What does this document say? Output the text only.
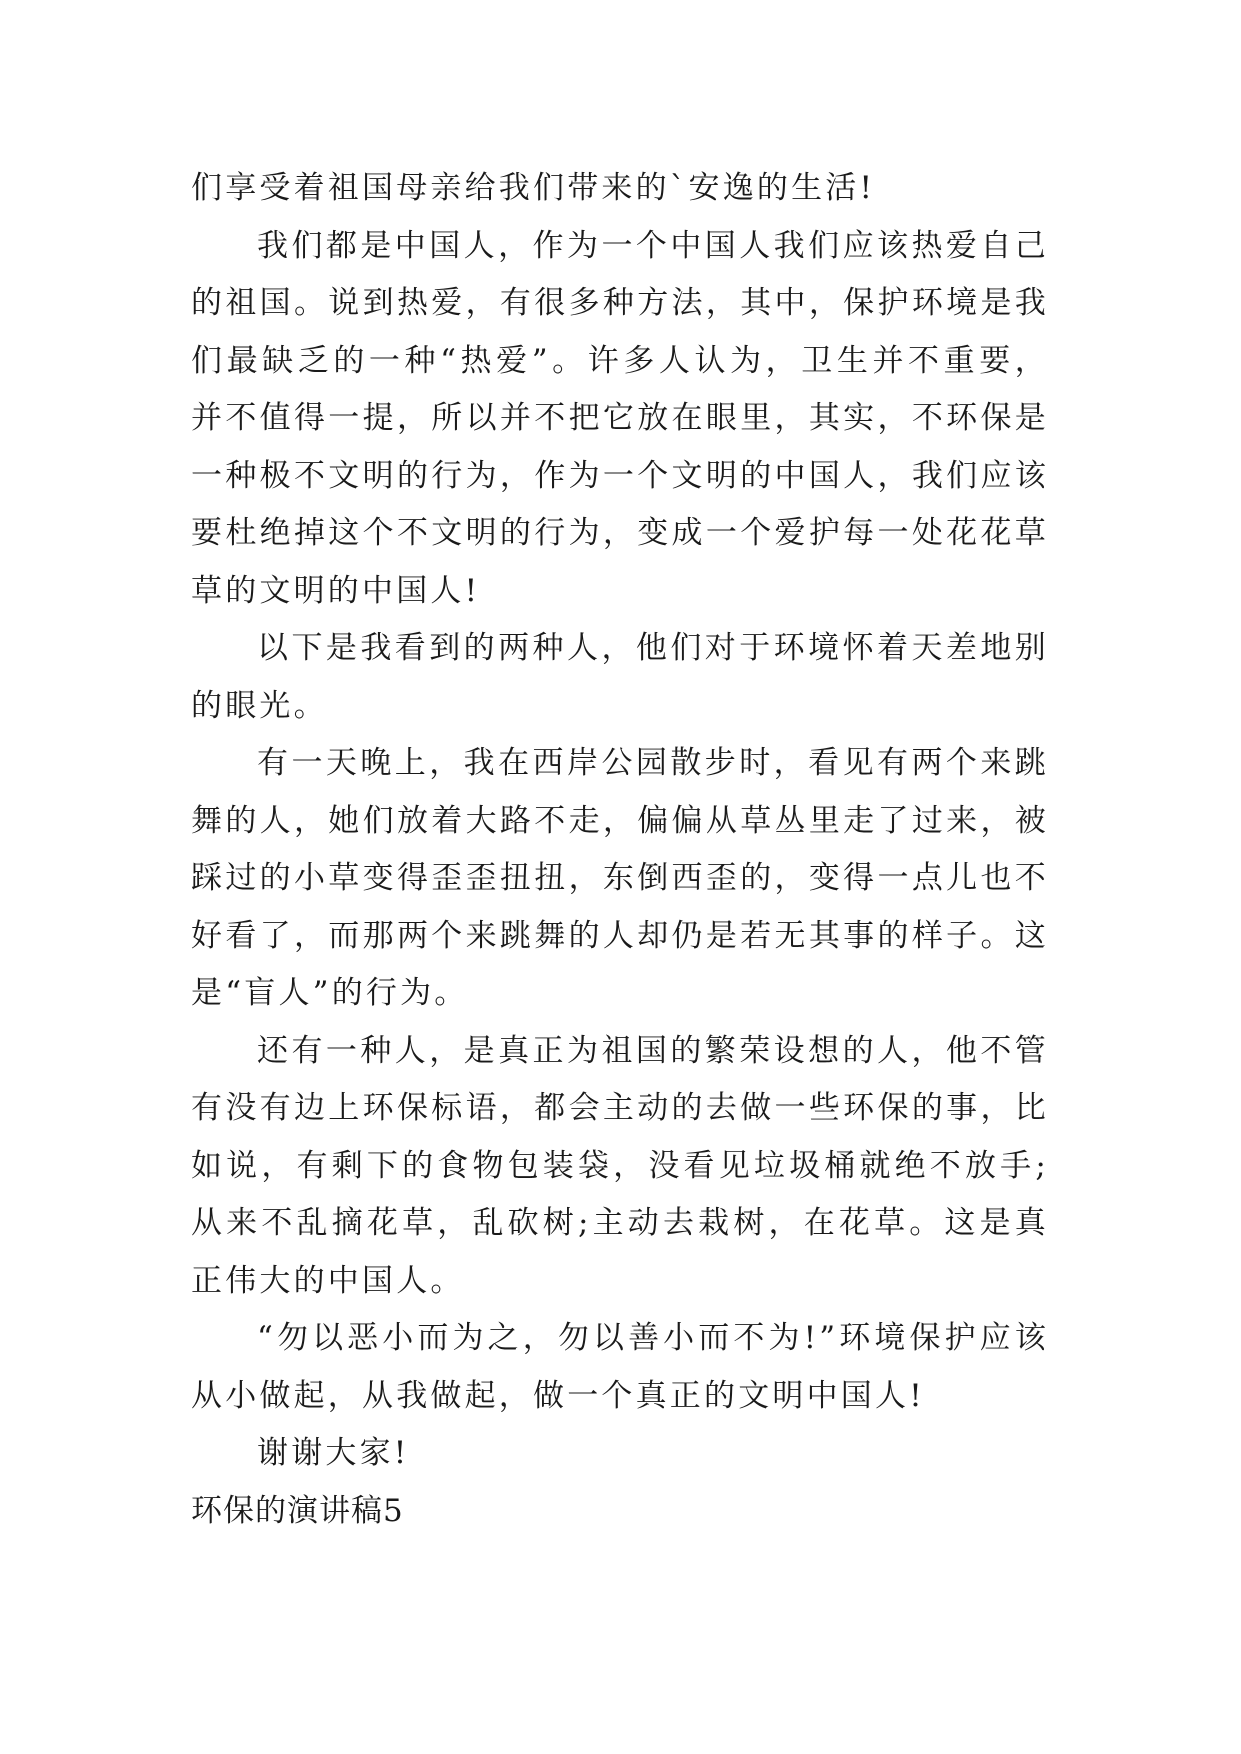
们享受着祖国母亲给我们带来的`安逸的生活!

我们都是中国人，作为一个中国人我们应该热爱自己的祖国。说到热爱，有很多种方法，其中，保护环境是我们最缺乏的一种“热爱”。许多人认为，卫生并不重要，并不值得一提，所以并不把它放在眼里，其实，不环保是一种极不文明的行为，作为一个文明的中国人，我们应该要杜绝掉这个不文明的行为，变成一个爱护每一处花花草草的文明的中国人!

以下是我看到的两种人，他们对于环境怀着天差地别的眼光。

有一天晚上，我在西岸公园散步时，看见有两个来跳舞的人，她们放着大路不走，偏偏从草丛里走了过来，被踩过的小草变得歪歪扭扭，东倒西歪的，变得一点儿也不好看了，而那两个来跳舞的人却仍是若无其事的样子。这是“盲人”的行为。

还有一种人，是真正为祖国的繁荣设想的人，他不管有没有边上环保标语，都会主动的去做一些环保的事，比如说，有剩下的食物包装袋，没看见垃圾桶就绝不放手;从来不乱摘花草，乱砍树;主动去栽树，在花草。这是真正伟大的中国人。

“勿以恶小而为之，勿以善小而不为!”环境保护应该从小做起，从我做起，做一个真正的文明中国人!

谢谢大家!

环保的演讲稿5
